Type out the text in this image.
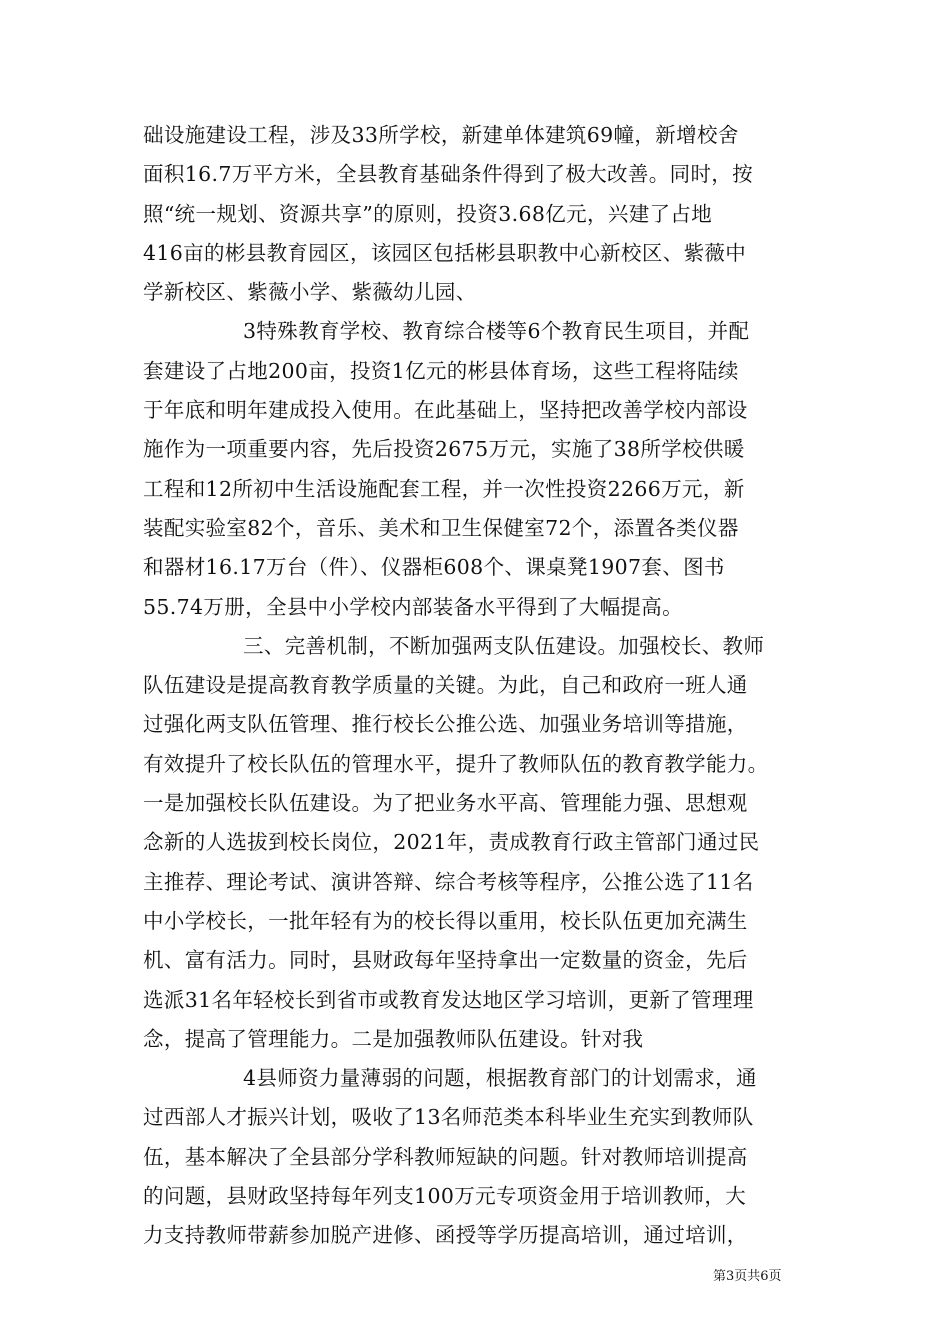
础设施建设工程，涉及33所学校，新建单体建筑69幢，新增校舍
面积16.7万平方米，全县教育基础条件得到了极大改善。同时，按
照“统一规划、资源共享”的原则，投资3.68亿元，兴建了占地
416亩的彬县教育园区，该园区包括彬县职教中心新校区、紫薇中
学新校区、紫薇小学、紫薇幼儿园、
3特殊教育学校、教育综合楼等6个教育民生项目，并配
套建设了占地200亩，投资1亿元的彬县体育场，这些工程将陆续
于年底和明年建成投入使用。在此基础上，坚持把改善学校内部设
施作为一项重要内容，先后投资2675万元，实施了38所学校供暖
工程和12所初中生活设施配套工程，并一次性投资2266万元，新
装配实验室82个，音乐、美术和卫生保健室72个，添置各类仪器
和器材16.17万台（件）、仪器柜608个、课桌凳1907套、图书
55.74万册，全县中小学校内部装备水平得到了大幅提高。
三、完善机制，不断加强两支队伍建设。加强校长、教师
队伍建设是提高教育教学质量的关键。为此，自己和政府一班人通
过强化两支队伍管理、推行校长公推公选、加强业务培训等措施，
有效提升了校长队伍的管理水平，提升了教师队伍的教育教学能力。
一是加强校长队伍建设。为了把业务水平高、管理能力强、思想观
念新的人选拔到校长岗位，2021年，责成教育行政主管部门通过民
主推荐、理论考试、演讲答辩、综合考核等程序，公推公选了11名
中小学校长，一批年轻有为的校长得以重用，校长队伍更加充满生
机、富有活力。同时，县财政每年坚持拿出一定数量的资金，先后
选派31名年轻校长到省市或教育发达地区学习培训，更新了管理理
念，提高了管理能力。二是加强教师队伍建设。针对我
4县师资力量薄弱的问题，根据教育部门的计划需求，通
过西部人才振兴计划，吸收了13名师范类本科毕业生充实到教师队
伍，基本解决了全县部分学科教师短缺的问题。针对教师培训提高
的问题，县财政坚持每年列支100万元专项资金用于培训教师，大
力支持教师带薪参加脱产进修、函授等学历提高培训，通过培训，
第3页共6页
